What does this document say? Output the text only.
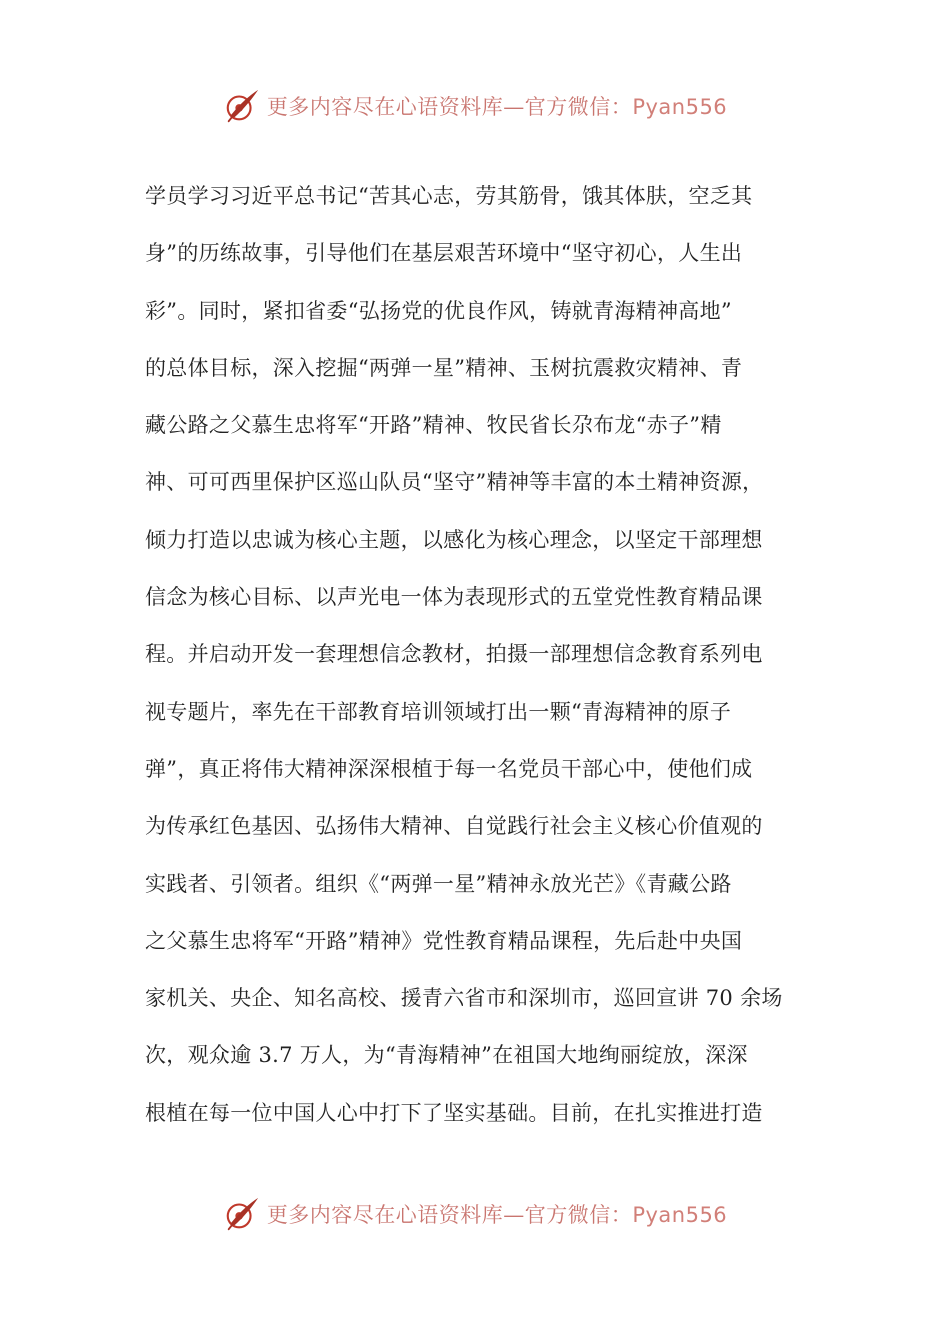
更多内容尽在心语资料库—官方微信：Pyan556
学员学习习近平总书记“苦其心志，劳其筋骨，饿其体肤，空乏其
身”的历练故事，引导他们在基层艰苦环境中“坚守初心，人生出
彩”。同时，紧扣省委“弘扬党的优良作风，铸就青海精神高地”
的总体目标，深入挖掘“两弹一星”精神、玉树抗震救灾精神、青
藏公路之父慕生忠将军“开路”精神、牧民省长尕布龙“赤子”精
神、可可西里保护区巡山队员“坚守”精神等丰富的本土精神资源，
倾力打造以忠诚为核心主题，以感化为核心理念，以坚定干部理想
信念为核心目标、以声光电一体为表现形式的五堂党性教育精品课
程。并启动开发一套理想信念教材，拍摄一部理想信念教育系列电
视专题片，率先在干部教育培训领域打出一颗“青海精神的原子
弹”，真正将伟大精神深深根植于每一名党员干部心中，使他们成
为传承红色基因、弘扬伟大精神、自觉践行社会主义核心价值观的
实践者、引领者。组织《“两弹一星”精神永放光芒》《青藏公路
之父慕生忠将军“开路”精神》党性教育精品课程，先后赴中央国
家机关、央企、知名高校、援青六省市和深圳市，巡回宣讲 70 余场
次，观众逾 3.7 万人，为“青海精神”在祖国大地绚丽绽放，深深
根植在每一位中国人心中打下了坚实基础。目前，在扎实推进打造
更多内容尽在心语资料库—官方微信：Pyan556
